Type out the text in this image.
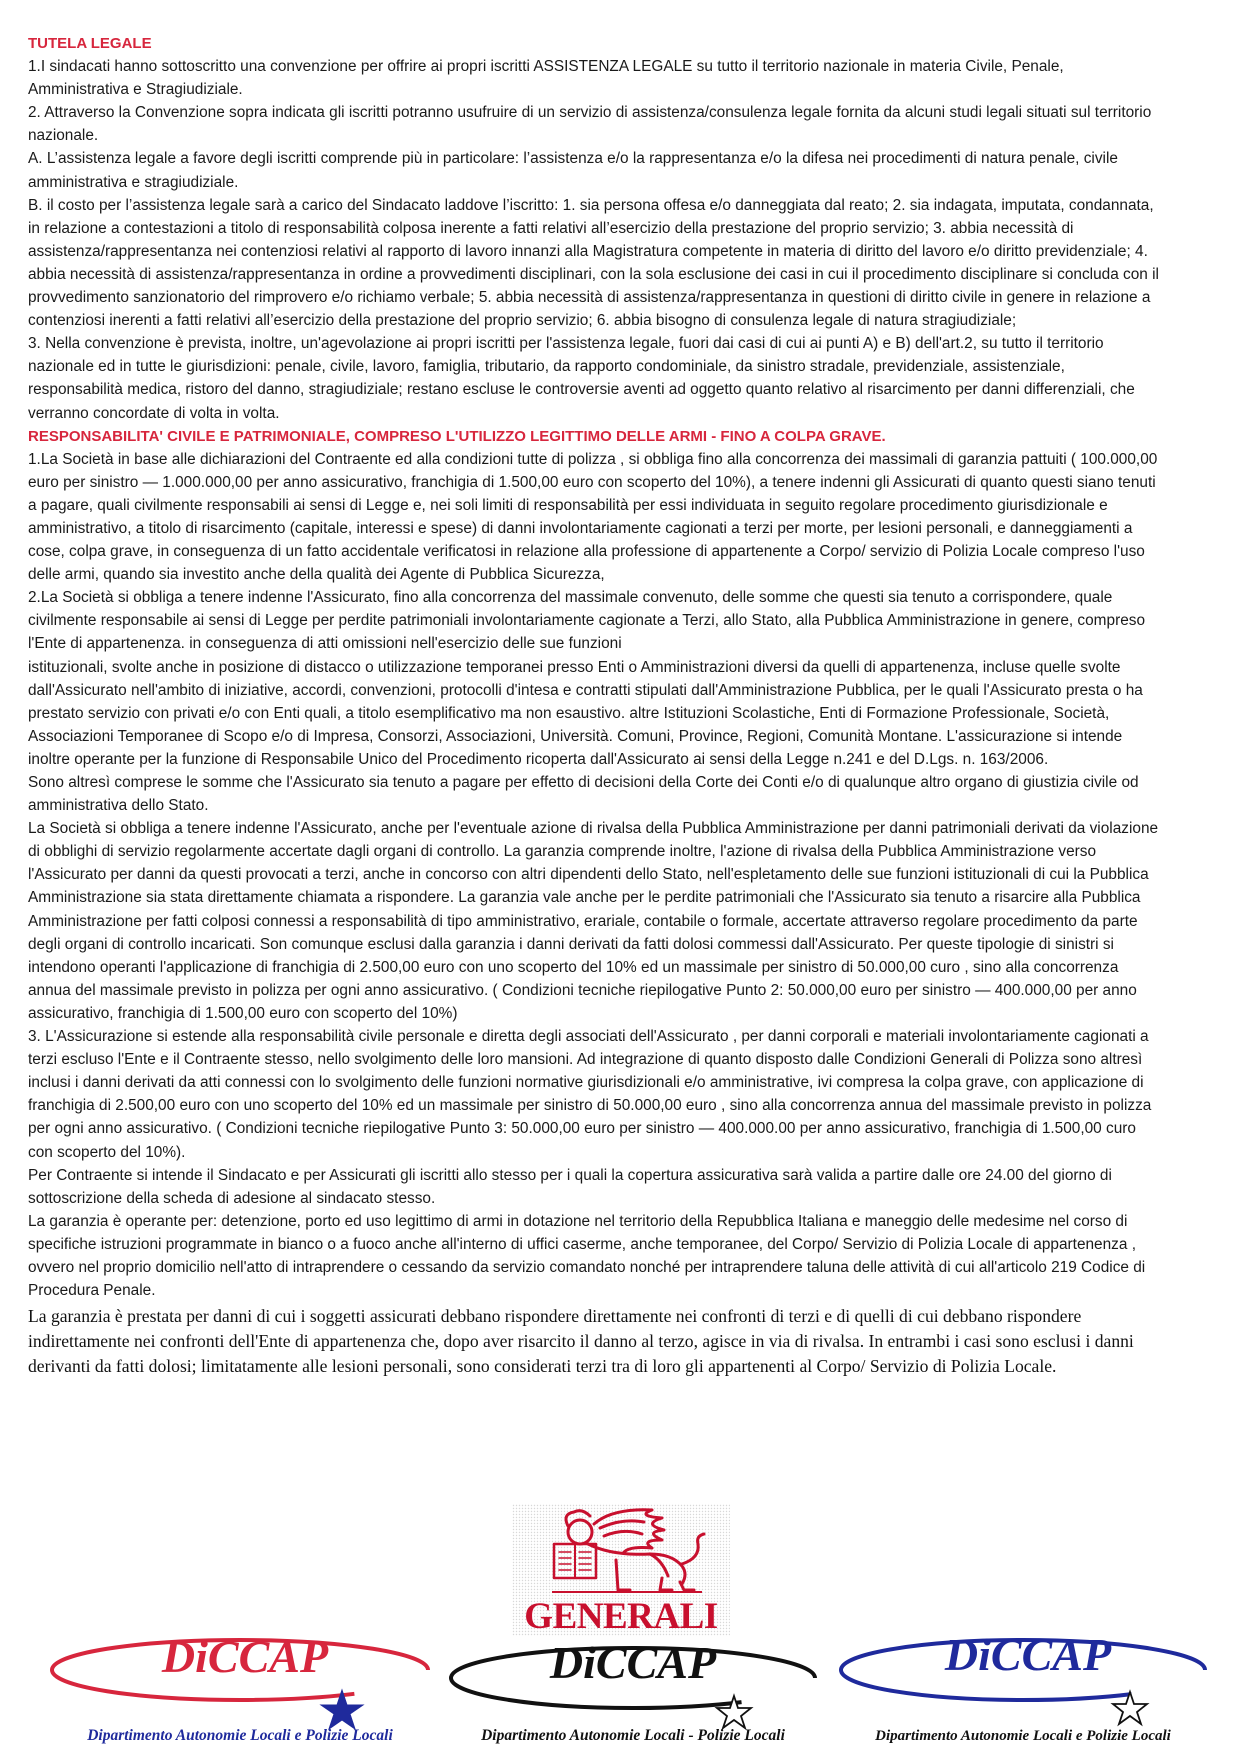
TUTELA LEGALE

1.I sindacati hanno sottoscritto una convenzione per offrire ai propri iscritti ASSISTENZA LEGALE su tutto il territorio nazionale in materia Civile, Penale, Amministrativa e Stragiudiziale.

2. Attraverso la Convenzione sopra indicata gli iscritti potranno usufruire di un servizio di assistenza/consulenza legale fornita da alcuni studi legali situati sul territorio nazionale.

A. L’assistenza legale a favore degli iscritti comprende più in particolare: l’assistenza e/o la rappresentanza e/o la difesa nei procedimenti di natura penale, civile amministrativa e stragiudiziale.

B. il costo per l’assistenza legale sarà a carico del Sindacato laddove l’iscritto: 1. sia persona offesa e/o danneggiata dal reato; 2. sia indagata, imputata, condannata, in relazione a contestazioni a titolo di responsabilità colposa inerente a fatti relativi all’esercizio della prestazione del proprio servizio; 3. abbia necessità di assistenza/rappresentanza nei contenziosi relativi al rapporto di lavoro innanzi alla Magistratura competente in materia di diritto del lavoro e/o diritto previdenziale; 4. abbia necessità di assistenza/rappresentanza in ordine a provvedimenti disciplinari, con la sola esclusione dei casi in cui il procedimento disciplinare si concluda con il provvedimento sanzionatorio del rimprovero e/o richiamo verbale; 5. abbia necessità di assistenza/rappresentanza in questioni di diritto civile in genere in relazione a contenziosi inerenti a fatti relativi all’esercizio della prestazione del proprio servizio; 6. abbia bisogno di consulenza legale di natura stragiudiziale;

3. Nella convenzione è prevista, inoltre, un'agevolazione ai propri iscritti per l'assistenza legale, fuori dai casi di cui ai punti A) e B) dell'art.2, su tutto il territorio nazionale ed in tutte le giurisdizioni: penale, civile, lavoro, famiglia, tributario, da rapporto condominiale, da sinistro stradale, previdenziale, assistenziale, responsabilità medica, ristoro del danno, stragiudiziale; restano escluse le controversie aventi ad oggetto quanto relativo al risarcimento per danni differenziali, che verranno concordate di volta in volta.

RESPONSABILITA' CIVILE E PATRIMONIALE, COMPRESO L'UTILIZZO LEGITTIMO DELLE ARMI - FINO A COLPA GRAVE.

1.La Società in base alle dichiarazioni del Contraente ed alla condizioni tutte di polizza , si obbliga fino alla concorrenza dei massimali di garanzia pattuiti ( 100.000,00 euro per sinistro — 1.000.000,00 per anno assicurativo, franchigia di 1.500,00 euro con scoperto del 10%), a tenere indenni gli Assicurati di quanto questi siano tenuti a pagare, quali civilmente responsabili ai sensi di Legge e, nei soli limiti di responsabilità per essi individuata in seguito regolare procedimento giurisdizionale e amministrativo, a titolo di risarcimento (capitale, interessi e spese) di danni involontariamente cagionati a terzi per morte, per lesioni personali, e danneggiamenti a cose, colpa grave, in conseguenza di un fatto accidentale verificatosi in relazione alla professione di appartenente a Corpo/ servizio di Polizia Locale compreso l'uso delle armi, quando sia investito anche della qualità dei Agente di Pubblica Sicurezza,

2.La Società si obbliga a tenere indenne l'Assicurato, fino alla concorrenza del massimale convenuto, delle somme che questi sia tenuto a corrispondere, quale civilmente responsabile ai sensi di Legge per perdite patrimoniali involontariamente cagionate a Terzi, allo Stato, alla Pubblica Amministrazione in genere, compreso l'Ente di appartenenza. in conseguenza di atti omissioni nell'esercizio delle sue funzioni

istituzionali, svolte anche in posizione di distacco o utilizzazione temporanei presso Enti o Amministrazioni diversi da quelli di appartenenza, incluse quelle svolte dall'Assicurato nell'ambito di iniziative, accordi, convenzioni, protocolli d'intesa e contratti stipulati dall'Amministrazione Pubblica, per le quali l'Assicurato presta o ha prestato servizio con privati e/o con Enti quali, a titolo esemplificativo ma non esaustivo. altre Istituzioni Scolastiche, Enti di Formazione Professionale, Società, Associazioni Temporanee di Scopo e/o di Impresa, Consorzi, Associazioni, Università. Comuni, Province, Regioni, Comunità Montane. L'assicurazione si intende inoltre operante per la funzione di Responsabile Unico del Procedimento ricoperta dall'Assicurato ai sensi della Legge n.241 e del D.Lgs. n. 163/2006.

Sono altresì comprese le somme che l'Assicurato sia tenuto a pagare per effetto di decisioni della Corte dei Conti e/o di qualunque altro organo di giustizia civile od amministrativa dello Stato.

La Società si obbliga a tenere indenne l'Assicurato, anche per l'eventuale azione di rivalsa della Pubblica Amministrazione per danni patrimoniali derivati da violazione di obblighi di servizio regolarmente accertate dagli organi di controllo. La garanzia comprende inoltre, l'azione di rivalsa della Pubblica Amministrazione verso l'Assicurato per danni da questi provocati a terzi, anche in concorso con altri dipendenti dello Stato, nell'espletamento delle sue funzioni istituzionali di cui la Pubblica Amministrazione sia stata direttamente chiamata a rispondere. La garanzia vale anche per le perdite patrimoniali che l'Assicurato sia tenuto a risarcire alla Pubblica Amministrazione per fatti colposi connessi a responsabilità di tipo amministrativo, erariale, contabile o formale, accertate attraverso regolare procedimento da parte degli organi di controllo incaricati. Son comunque esclusi dalla garanzia i danni derivati da fatti dolosi commessi dall'Assicurato. Per queste tipologie di sinistri si intendono operanti l'applicazione di franchigia di 2.500,00 euro con uno scoperto del 10% ed un massimale per sinistro di 50.000,00 curo , sino alla concorrenza annua del massimale previsto in polizza per ogni anno assicurativo. ( Condizioni tecniche riepilogative Punto 2: 50.000,00 euro per sinistro — 400.000,00 per anno assicurativo, franchigia di 1.500,00 euro con scoperto del 10%)

3. L'Assicurazione si estende alla responsabilità civile personale e diretta degli associati dell'Assicurato , per danni corporali e materiali involontariamente cagionati a terzi escluso l'Ente e il Contraente stesso, nello svolgimento delle loro mansioni. Ad integrazione di quanto disposto dalle Condizioni Generali di Polizza sono altresì inclusi i danni derivati da atti connessi con lo svolgimento delle funzioni normative giurisdizionali e/o amministrative, ivi compresa la colpa grave, con applicazione di franchigia di 2.500,00 euro con uno scoperto del 10% ed un massimale per sinistro di 50.000,00 euro , sino alla concorrenza annua del massimale previsto in polizza per ogni anno assicurativo. ( Condizioni tecniche riepilogative Punto 3: 50.000,00 euro per sinistro — 400.000.00 per anno assicurativo, franchigia di 1.500,00 curo con scoperto del 10%).

Per Contraente si intende il Sindacato e per Assicurati gli iscritti allo stesso per i quali la copertura assicurativa sarà valida a partire dalle ore 24.00 del giorno di sottoscrizione della scheda di adesione al sindacato stesso.

La garanzia è operante per: detenzione, porto ed uso legittimo di armi in dotazione nel territorio della Repubblica Italiana e maneggio delle medesime nel corso di specifiche istruzioni programmate in bianco o a fuoco anche all'interno di uffici caserme, anche temporanee, del Corpo/ Servizio di Polizia Locale di appartenenza , ovvero nel proprio domicilio nell'atto di intraprendere o cessando da servizio comandato nonché per intraprendere taluna delle attività di cui all'articolo 219 Codice di Procedura Penale.

La garanzia è prestata per danni di cui i soggetti assicurati debbano rispondere direttamente nei confronti di terzi e di quelli di cui debbano rispondere indirettamente nei confronti dell'Ente di appartenenza che, dopo aver risarcito il danno al terzo, agisce in via di rivalsa. In entrambi i casi sono esclusi i danni derivanti da fatti dolosi; limitatamente alle lesioni personali, sono considerati terzi tra di loro gli appartenenti al Corpo/ Servizio di Polizia Locale.

GENERALI
DiCCAP
Dipartimento Autonomie Locali e Polizie Locali
DiCCAP
Dipartimento Autonomie Locali - Polizie Locali
DiCCAP
Dipartimento Autonomie Locali e Polizie Locali
